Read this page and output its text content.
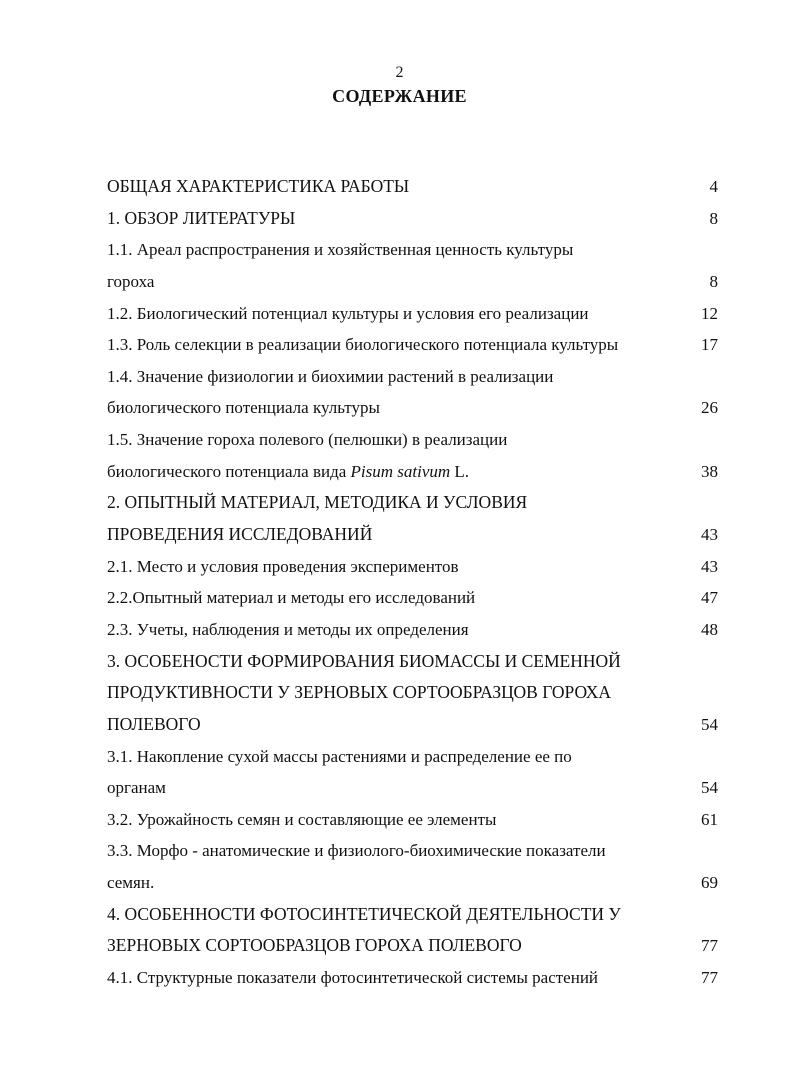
2
СОДЕРЖАНИЕ
ОБЩАЯ ХАРАКТЕРИСТИКА РАБОТЫ	4
1. ОБЗОР ЛИТЕРАТУРЫ	8
1.1. Ареал распространения и хозяйственная ценность культуры
гороха	8
1.2. Биологический потенциал культуры и условия его реализации	12
1.3. Роль селекции в реализации биологического потенциала культуры	17
1.4. Значение физиологии и биохимии растений в реализации
биологического потенциала культуры	26
1.5. Значение гороха полевого (пелюшки) в реализации
биологического потенциала вида Pisum sativum L.	38
2. ОПЫТНЫЙ МАТЕРИАЛ, МЕТОДИКА И УСЛОВИЯ
ПРОВЕДЕНИЯ ИССЛЕДОВАНИЙ	43
2.1. Место и условия проведения экспериментов	43
2.2.Опытный материал и методы его исследований	47
2.3. Учеты, наблюдения и методы их определения	48
3. ОСОБЕНОСТИ ФОРМИРОВАНИЯ БИОМАССЫ И СЕМЕННОЙ
ПРОДУКТИВНОСТИ У ЗЕРНОВЫХ СОРТООБРАЗЦОВ ГОРОХА
ПОЛЕВОГО	54
3.1. Накопление сухой массы растениями и распределение ее по
органам	54
3.2. Урожайность семян и составляющие ее элементы	61
3.3. Морфо - анатомические и физиолого-биохимические показатели
семян.	69
4. ОСОБЕННОСТИ ФОТОСИНТЕТИЧЕСКОЙ ДЕЯТЕЛЬНОСТИ У
ЗЕРНОВЫХ СОРТООБРАЗЦОВ ГОРОХА ПОЛЕВОГО	77
4.1. Структурные показатели фотосинтетической системы растений	77
